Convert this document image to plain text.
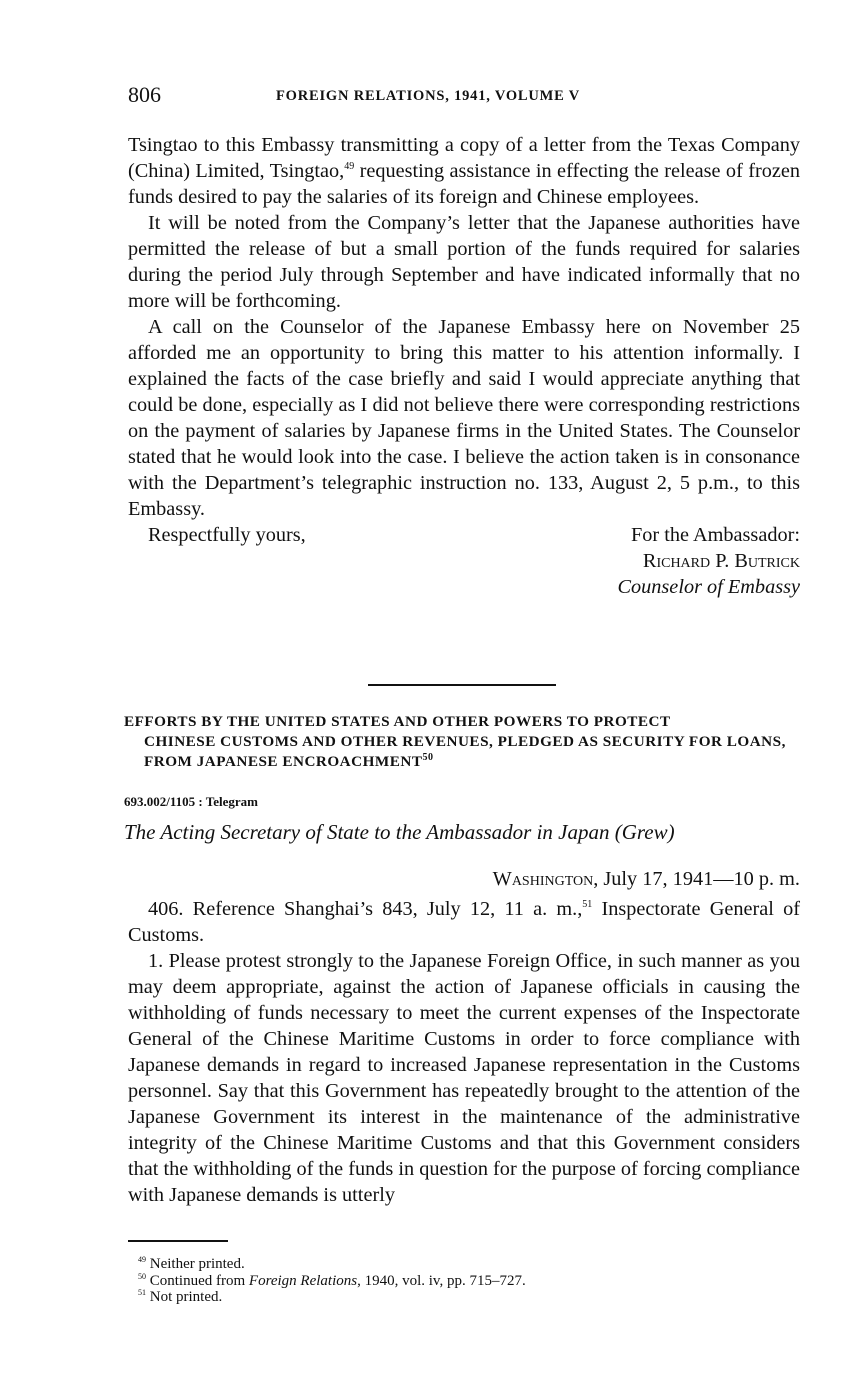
806	FOREIGN RELATIONS, 1941, VOLUME V

Tsingtao to this Embassy transmitting a copy of a letter from the Texas Company (China) Limited, Tsingtao,$^{49}$ requesting assistance in effecting the release of frozen funds desired to pay the salaries of its foreign and Chinese employees.

It will be noted from the Company’s letter that the Japanese authorities have permitted the release of but a small portion of the funds required for salaries during the period July through September and have indicated informally that no more will be forthcoming.

A call on the Counselor of the Japanese Embassy here on November 25 afforded me an opportunity to bring this matter to his attention informally. I explained the facts of the case briefly and said I would appreciate anything that could be done, especially as I did not believe there were corresponding restrictions on the payment of salaries by Japanese firms in the United States. The Counselor stated that he would look into the case. I believe the action taken is in consonance with the Department’s telegraphic instruction no. 133, August 2, 5 p.m., to this Embassy.

Respectfully yours,	For the Ambassador:
Richard P. Butrick
Counselor of Embassy
EFFORTS BY THE UNITED STATES AND OTHER POWERS TO PROTECT
CHINESE CUSTOMS AND OTHER REVENUES, PLEDGED AS SECURITY FOR LOANS, FROM JAPANESE ENCROACHMENT$^{50}$
693.002/1105 : Telegram
The Acting Secretary of State to the Ambassador in Japan (Grew)
Washington, July 17, 1941—10 p. m.

406. Reference Shanghai’s 843, July 12, 11 a. m.,$^{51}$ Inspectorate General of Customs.

1. Please protest strongly to the Japanese Foreign Office, in such manner as you may deem appropriate, against the action of Japanese officials in causing the withholding of funds necessary to meet the current expenses of the Inspectorate General of the Chinese Maritime Customs in order to force compliance with Japanese demands in regard to increased Japanese representation in the Customs personnel. Say that this Government has repeatedly brought to the attention of the Japanese Government its interest in the maintenance of the administrative integrity of the Chinese Maritime Customs and that this Government considers that the withholding of the funds in question for the purpose of forcing compliance with Japanese demands is utterly

$^{49}$ Neither printed.
$^{50}$ Continued from Foreign Relations, 1940, vol. iv, pp. 715–727.
$^{51}$ Not printed.
